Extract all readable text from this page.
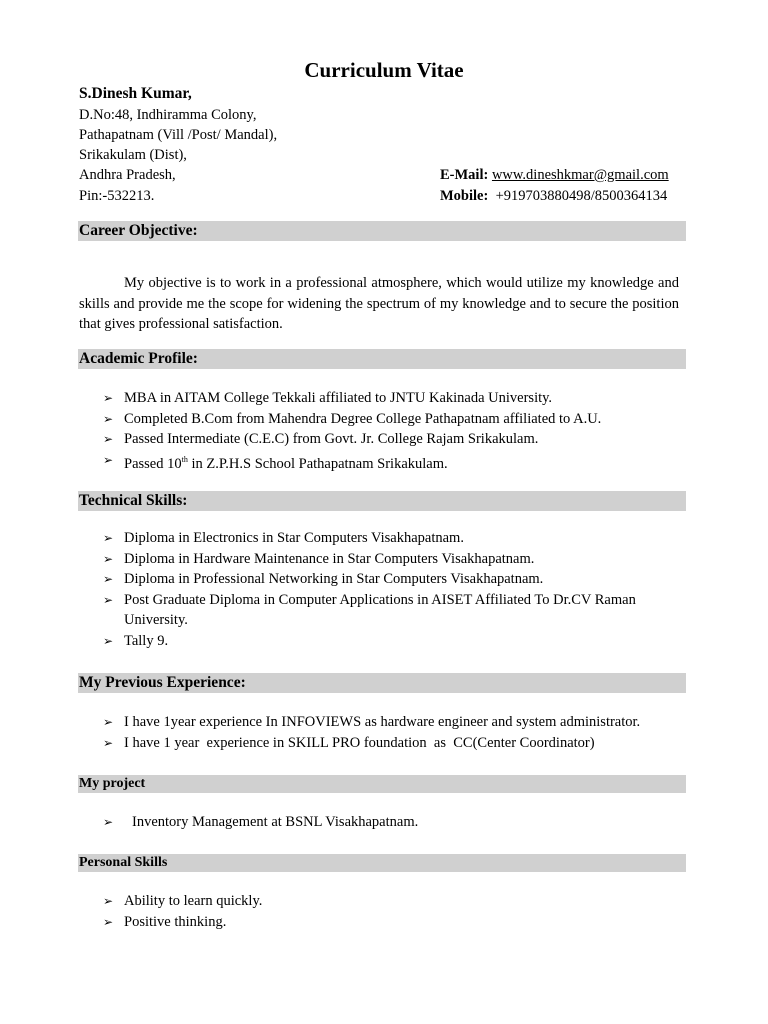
Curriculum Vitae
S.Dinesh Kumar,
D.No:48, Indhiramma Colony,
Pathapatnam (Vill /Post/ Mandal),
Srikakulam (Dist),
Andhra Pradesh,
Pin:-532213.
E-Mail: www.dineshkmar@gmail.com
Mobile: +919703880498/8500364134
Career Objective:
My objective is to work in a professional atmosphere, which would utilize my knowledge and skills and provide me the scope for widening the spectrum of my knowledge and to secure the position that gives professional satisfaction.
Academic Profile:
➢ MBA in AITAM College Tekkali affiliated to JNTU Kakinada University.
➢ Completed B.Com from Mahendra Degree College Pathapatnam affiliated to A.U.
➢ Passed Intermediate (C.E.C) from Govt. Jr. College Rajam Srikakulam.
➢ Passed 10th in Z.P.H.S School Pathapatnam Srikakulam.
Technical Skills:
➢ Diploma in Electronics in Star Computers Visakhapatnam.
➢ Diploma in Hardware Maintenance in Star Computers Visakhapatnam.
➢ Diploma in Professional Networking in Star Computers Visakhapatnam.
➢ Post Graduate Diploma in Computer Applications in AISET Affiliated To Dr.CV Raman University.
➢ Tally 9.
My Previous Experience:
➢ I have 1year experience In INFOVIEWS as hardware engineer and system administrator.
➢ I have 1 year  experience in SKILL PRO foundation  as  CC(Center Coordinator)
My project
➢ Inventory Management at BSNL Visakhapatnam.
Personal Skills
➢ Ability to learn quickly.
➢ Positive thinking.
